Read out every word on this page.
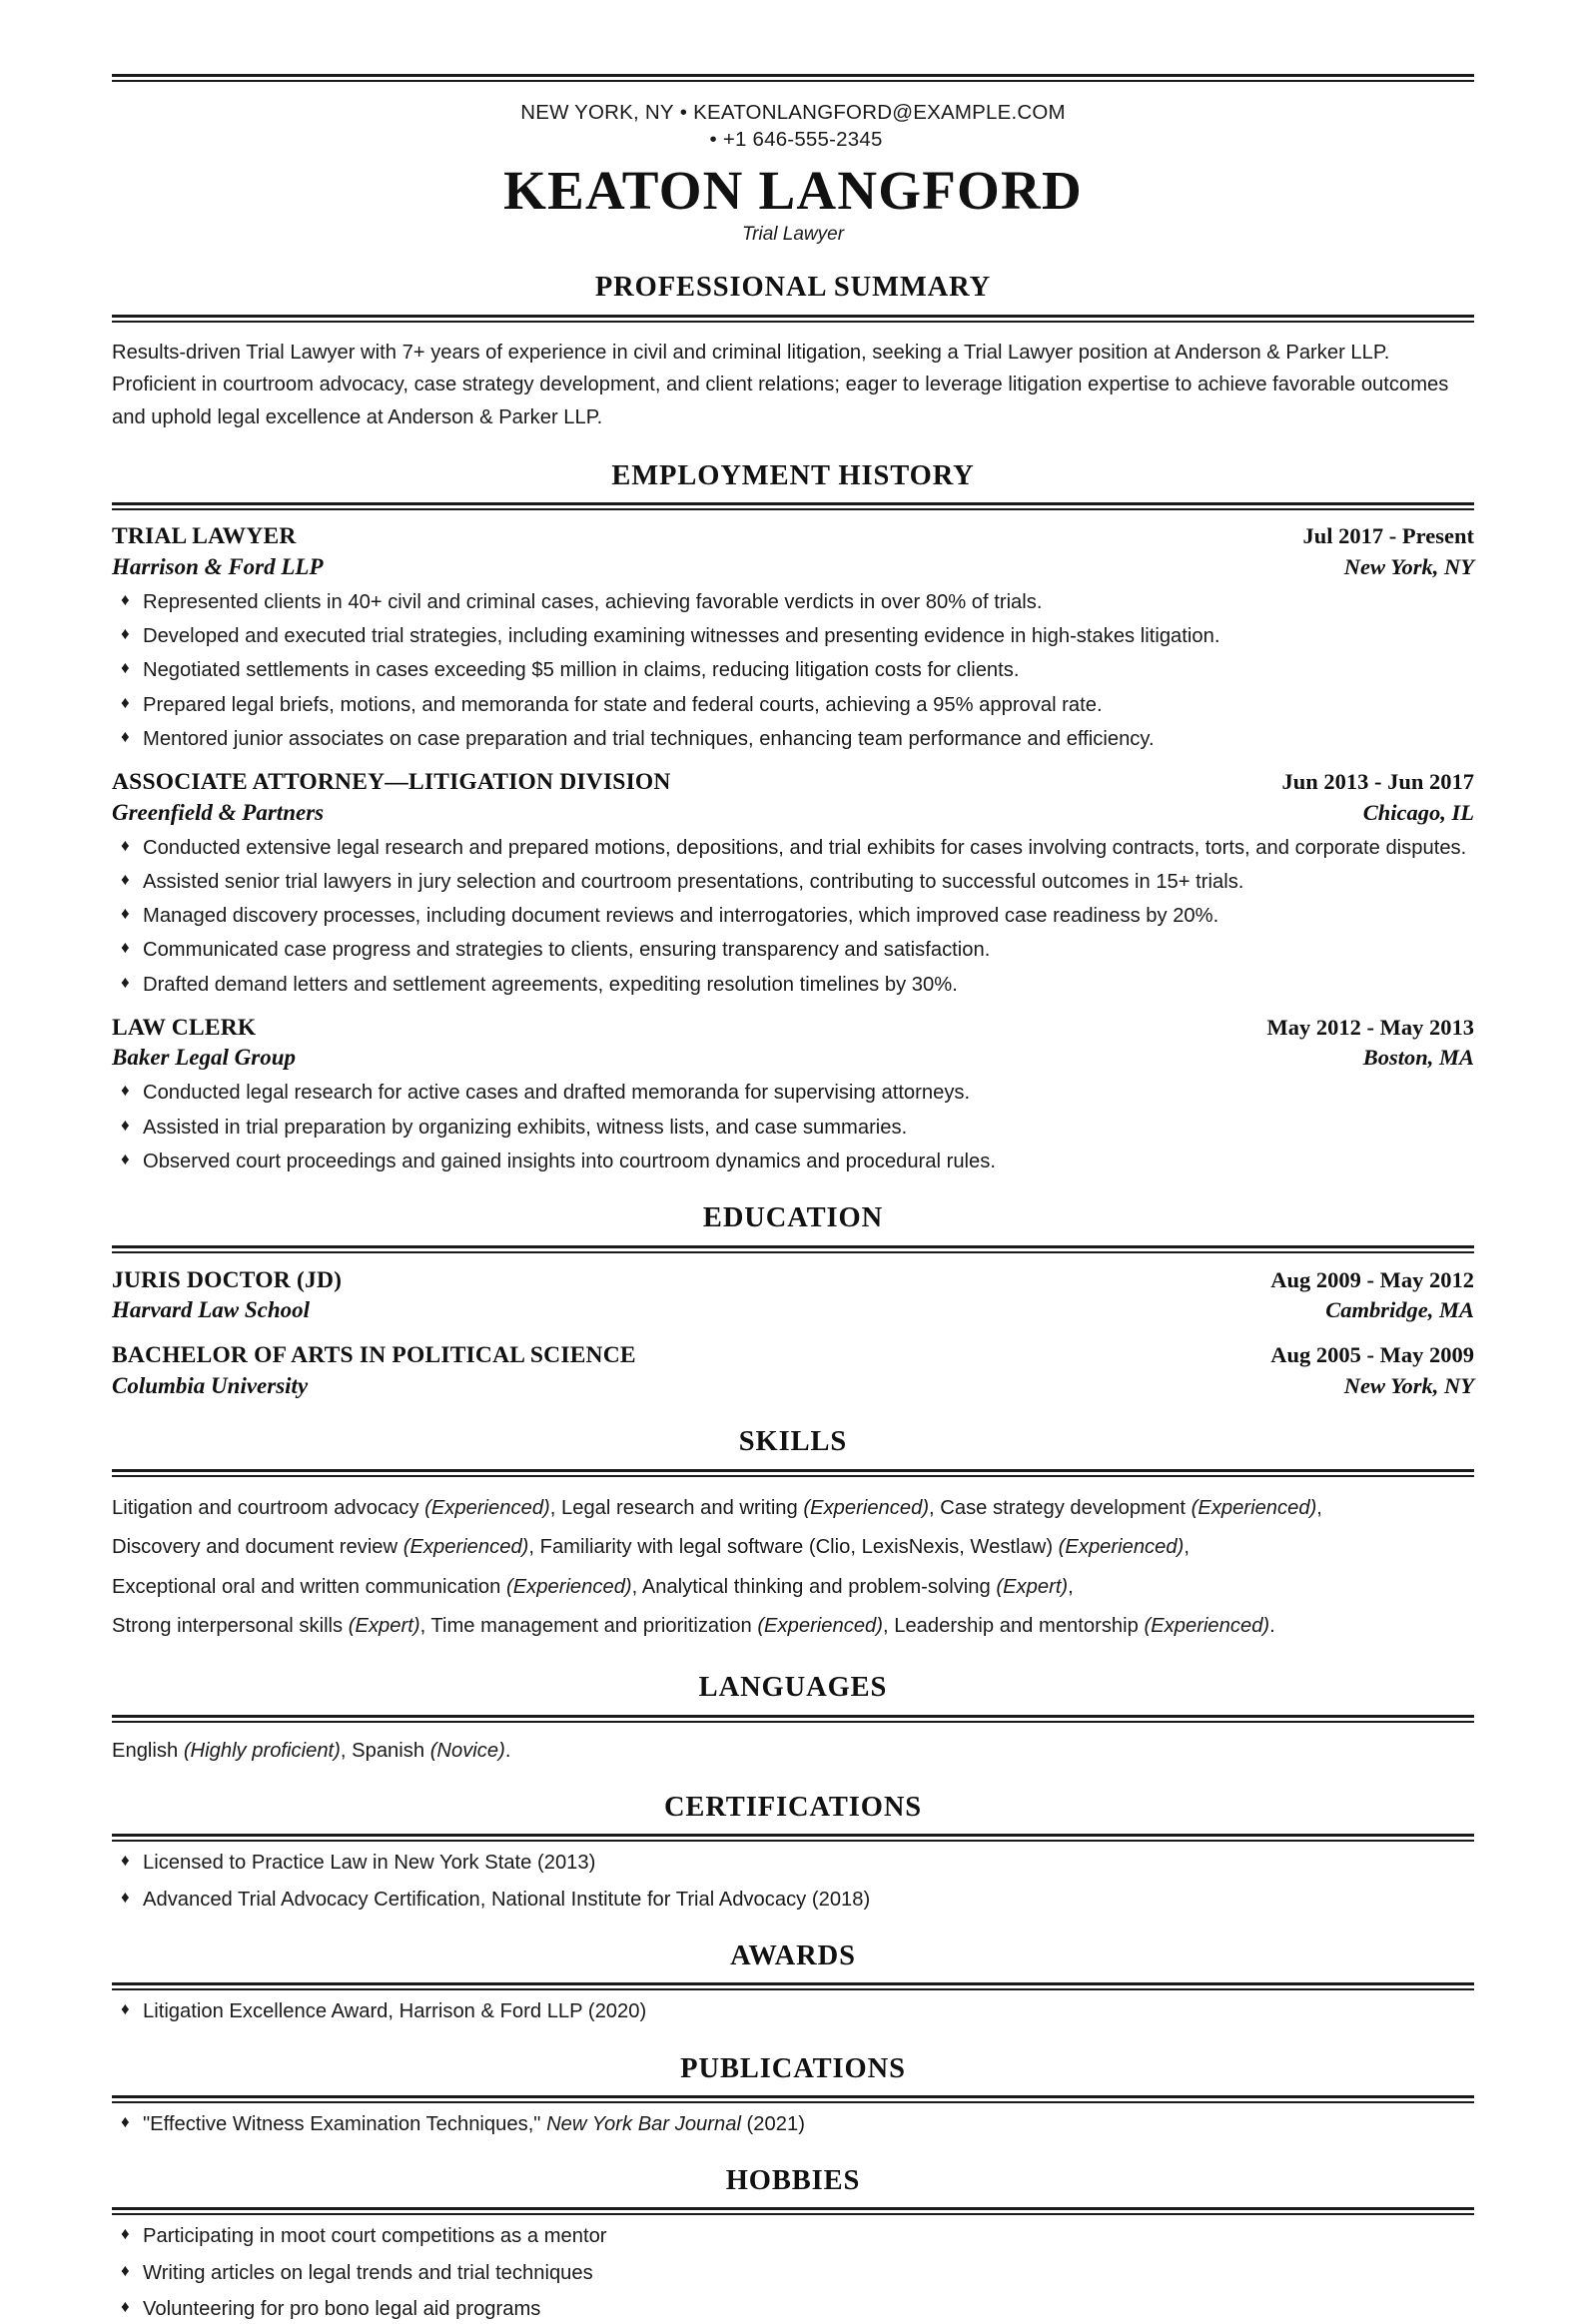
NEW YORK, NY • KEATONLANGFORD@EXAMPLE.COM
• +1 646-555-2345
KEATON LANGFORD
Trial Lawyer
PROFESSIONAL SUMMARY
Results-driven Trial Lawyer with 7+ years of experience in civil and criminal litigation, seeking a Trial Lawyer position at Anderson & Parker LLP. Proficient in courtroom advocacy, case strategy development, and client relations; eager to leverage litigation expertise to achieve favorable outcomes and uphold legal excellence at Anderson & Parker LLP.
EMPLOYMENT HISTORY
TRIAL LAWYER	Jul 2017 - Present
Harrison & Ford LLP	New York, NY
♦ Represented clients in 40+ civil and criminal cases, achieving favorable verdicts in over 80% of trials.
♦ Developed and executed trial strategies, including examining witnesses and presenting evidence in high-stakes litigation.
♦ Negotiated settlements in cases exceeding $5 million in claims, reducing litigation costs for clients.
♦ Prepared legal briefs, motions, and memoranda for state and federal courts, achieving a 95% approval rate.
♦ Mentored junior associates on case preparation and trial techniques, enhancing team performance and efficiency.
ASSOCIATE ATTORNEY—LITIGATION DIVISION	Jun 2013 - Jun 2017
Greenfield & Partners	Chicago, IL
♦ Conducted extensive legal research and prepared motions, depositions, and trial exhibits for cases involving contracts, torts, and corporate disputes.
♦ Assisted senior trial lawyers in jury selection and courtroom presentations, contributing to successful outcomes in 15+ trials.
♦ Managed discovery processes, including document reviews and interrogatories, which improved case readiness by 20%.
♦ Communicated case progress and strategies to clients, ensuring transparency and satisfaction.
♦ Drafted demand letters and settlement agreements, expediting resolution timelines by 30%.
LAW CLERK	May 2012 - May 2013
Baker Legal Group	Boston, MA
♦ Conducted legal research for active cases and drafted memoranda for supervising attorneys.
♦ Assisted in trial preparation by organizing exhibits, witness lists, and case summaries.
♦ Observed court proceedings and gained insights into courtroom dynamics and procedural rules.
EDUCATION
JURIS DOCTOR (JD)	Aug 2009 - May 2012
Harvard Law School	Cambridge, MA
BACHELOR OF ARTS IN POLITICAL SCIENCE	Aug 2005 - May 2009
Columbia University	New York, NY
SKILLS
Litigation and courtroom advocacy (Experienced), Legal research and writing (Experienced), Case strategy development (Experienced),
Discovery and document review (Experienced), Familiarity with legal software (Clio, LexisNexis, Westlaw) (Experienced),
Exceptional oral and written communication (Experienced), Analytical thinking and problem-solving (Expert),
Strong interpersonal skills (Expert), Time management and prioritization (Experienced), Leadership and mentorship (Experienced).
LANGUAGES
English (Highly proficient), Spanish (Novice).
CERTIFICATIONS
♦ Licensed to Practice Law in New York State (2013)
♦ Advanced Trial Advocacy Certification, National Institute for Trial Advocacy (2018)
AWARDS
♦ Litigation Excellence Award, Harrison & Ford LLP (2020)
PUBLICATIONS
♦ "Effective Witness Examination Techniques," New York Bar Journal (2021)
HOBBIES
♦ Participating in moot court competitions as a mentor
♦ Writing articles on legal trends and trial techniques
♦ Volunteering for pro bono legal aid programs
